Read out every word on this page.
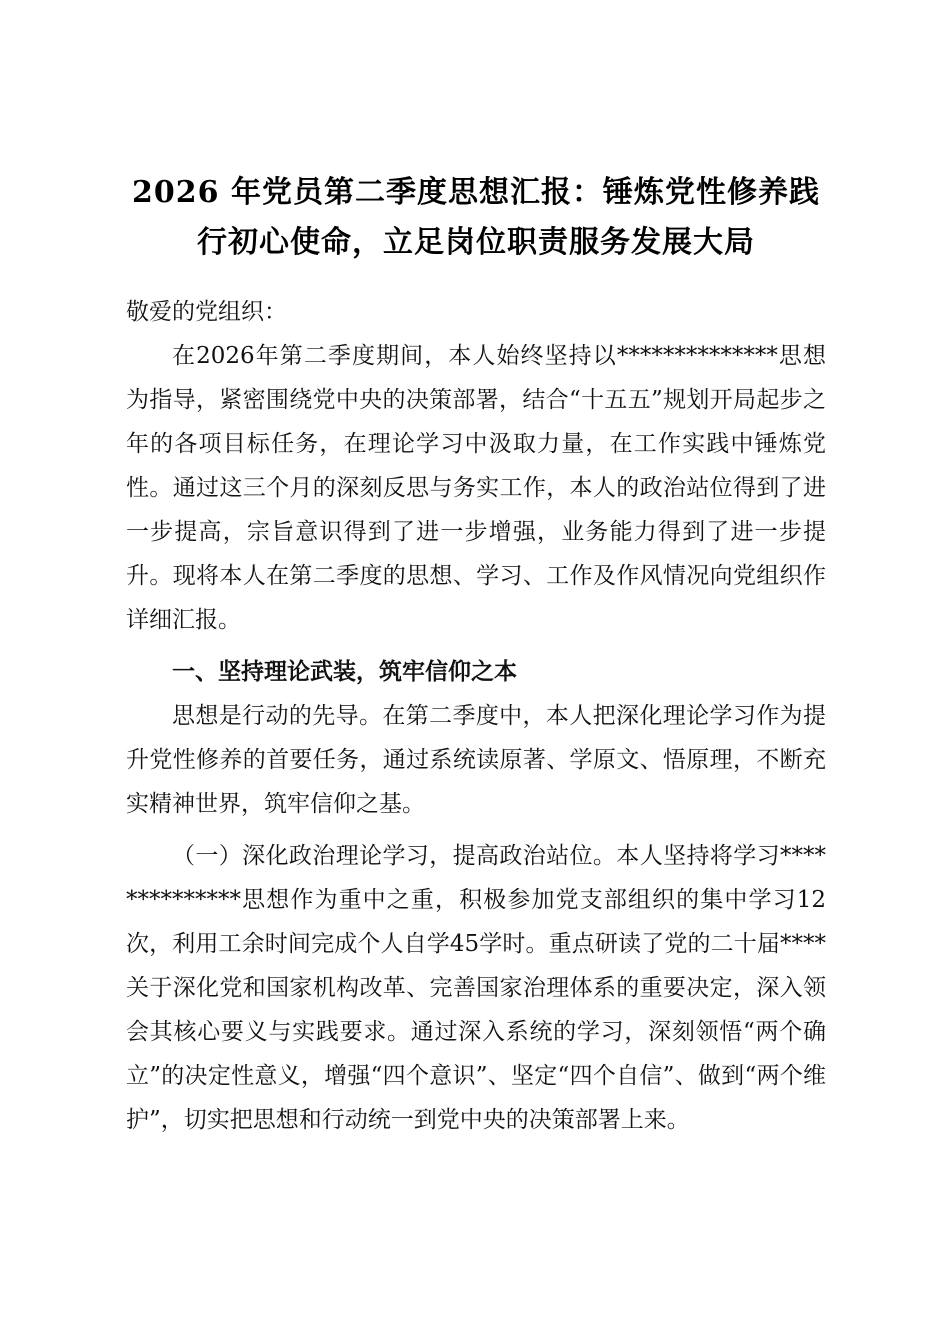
2026 年党员第二季度思想汇报：锤炼党性修养践行初心使命，立足岗位职责服务发展大局

敬爱的党组织：

在2026年第二季度期间，本人始终坚持以**************思想为指导，紧密围绕党中央的决策部署，结合“十五五”规划开局起步之年的各项目标任务，在理论学习中汲取力量，在工作实践中锤炼党性。通过这三个月的深刻反思与务实工作，本人的政治站位得到了进一步提高，宗旨意识得到了进一步增强，业务能力得到了进一步提升。现将本人在第二季度的思想、学习、工作及作风情况向党组织作详细汇报。

一、坚持理论武装，筑牢信仰之本

思想是行动的先导。在第二季度中，本人把深化理论学习作为提升党性修养的首要任务，通过系统读原著、学原文、悟原理，不断充实精神世界，筑牢信仰之基。

（一）深化政治理论学习，提高政治站位。本人坚持将学习**************思想作为重中之重，积极参加党支部组织的集中学习12次，利用工余时间完成个人自学45学时。重点研读了党的二十届****关于深化党和国家机构改革、完善国家治理体系的重要决定，深入领会其核心要义与实践要求。通过深入系统的学习，深刻领悟“两个确立”的决定性意义，增强“四个意识”、坚定“四个自信”、做到“两个维护”，切实把思想和行动统一到党中央的决策部署上来。
